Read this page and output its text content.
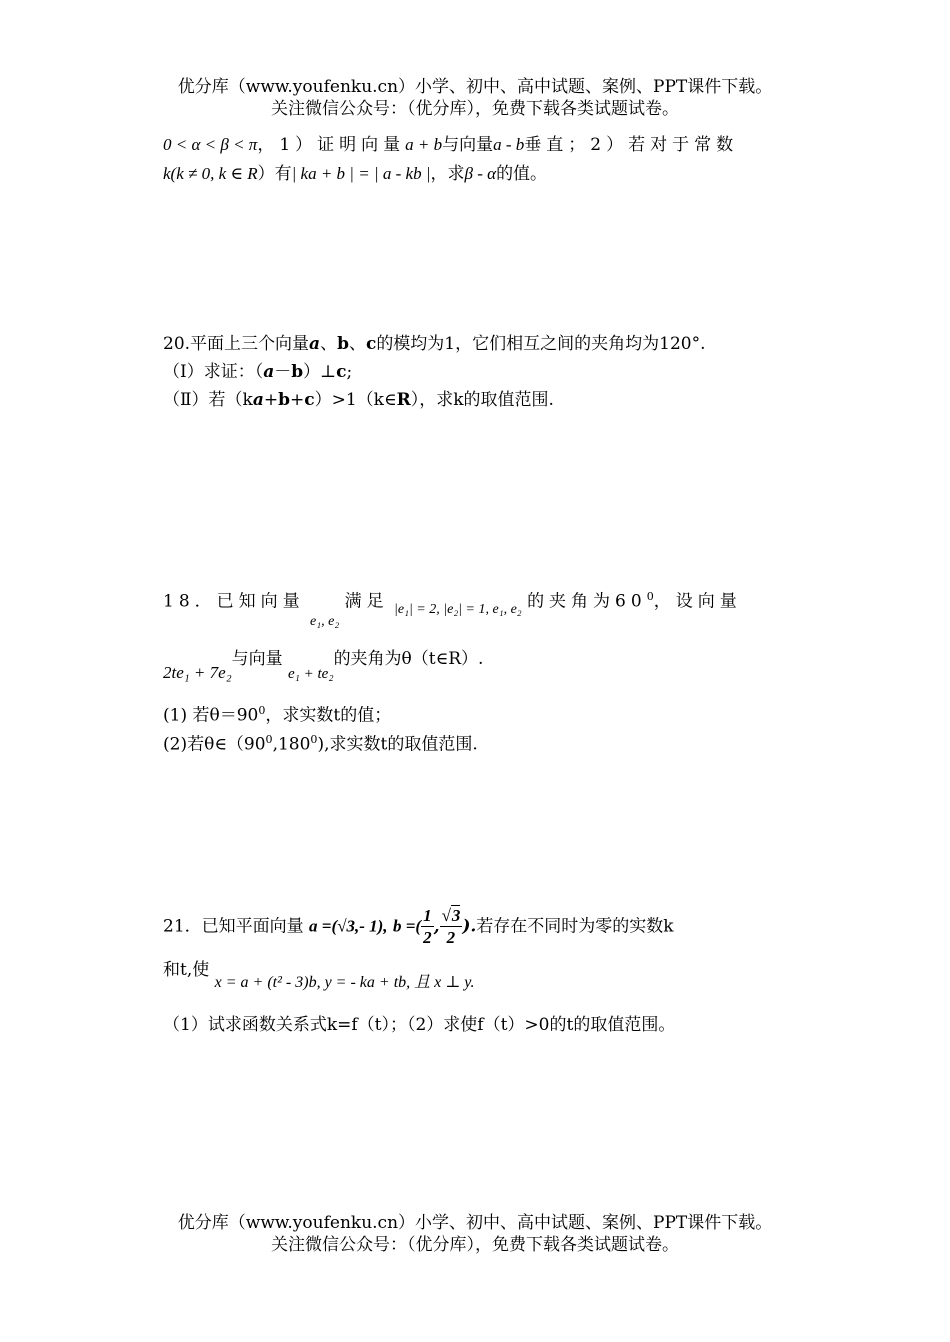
优分库（www.youfenku.cn）小学、初中、高中试题、案例、PPT课件下载。
关注微信公众号：（优分库），免费下载各类试题试卷。
0 < α < β < π，1）证明向量a + b与向量a - b垂直；2）若对于常数
k(k ≠ 0, k ∈ R）有| ka + b | = | a - kb |，求β - α的值。
20.平面上三个向量a、b、c的模均为1，它们相互之间的夹角均为120°.
（Ⅰ）求证：（a－b）⊥c;
（Ⅱ）若（ka+b+c）>1（k∈R），求k的取值范围.
18．已知向量 $_{e_1, e_2}$ 满足 $_{|e_1| = 2, |e_2| = 1, e_1, e_2}$ 的夹角为$60^0$，设向量
2te₁ + 7e₂与向量 e₁ + te₂的夹角为θ（t∈R）.
(1) 若$\theta=90^0$，求实数t的值；
(2)若$\theta\in(90^0,180^0)$,求实数t的取值范围.
21．已知平面向量 a =(√3,- 1), b =( $\frac{1}{2}$ , $\frac{√3}{2}$ ).若存在不同时为零的实数k
和t,使 x = a + (t² - 3)b, y = - ka + tb, 且 x ⊥ y.
（1）试求函数关系式k=f（t）；（2）求使f（t）>0的t的取值范围。
优分库（www.youfenku.cn）小学、初中、高中试题、案例、PPT课件下载。
关注微信公众号：（优分库），免费下载各类试题试卷。
